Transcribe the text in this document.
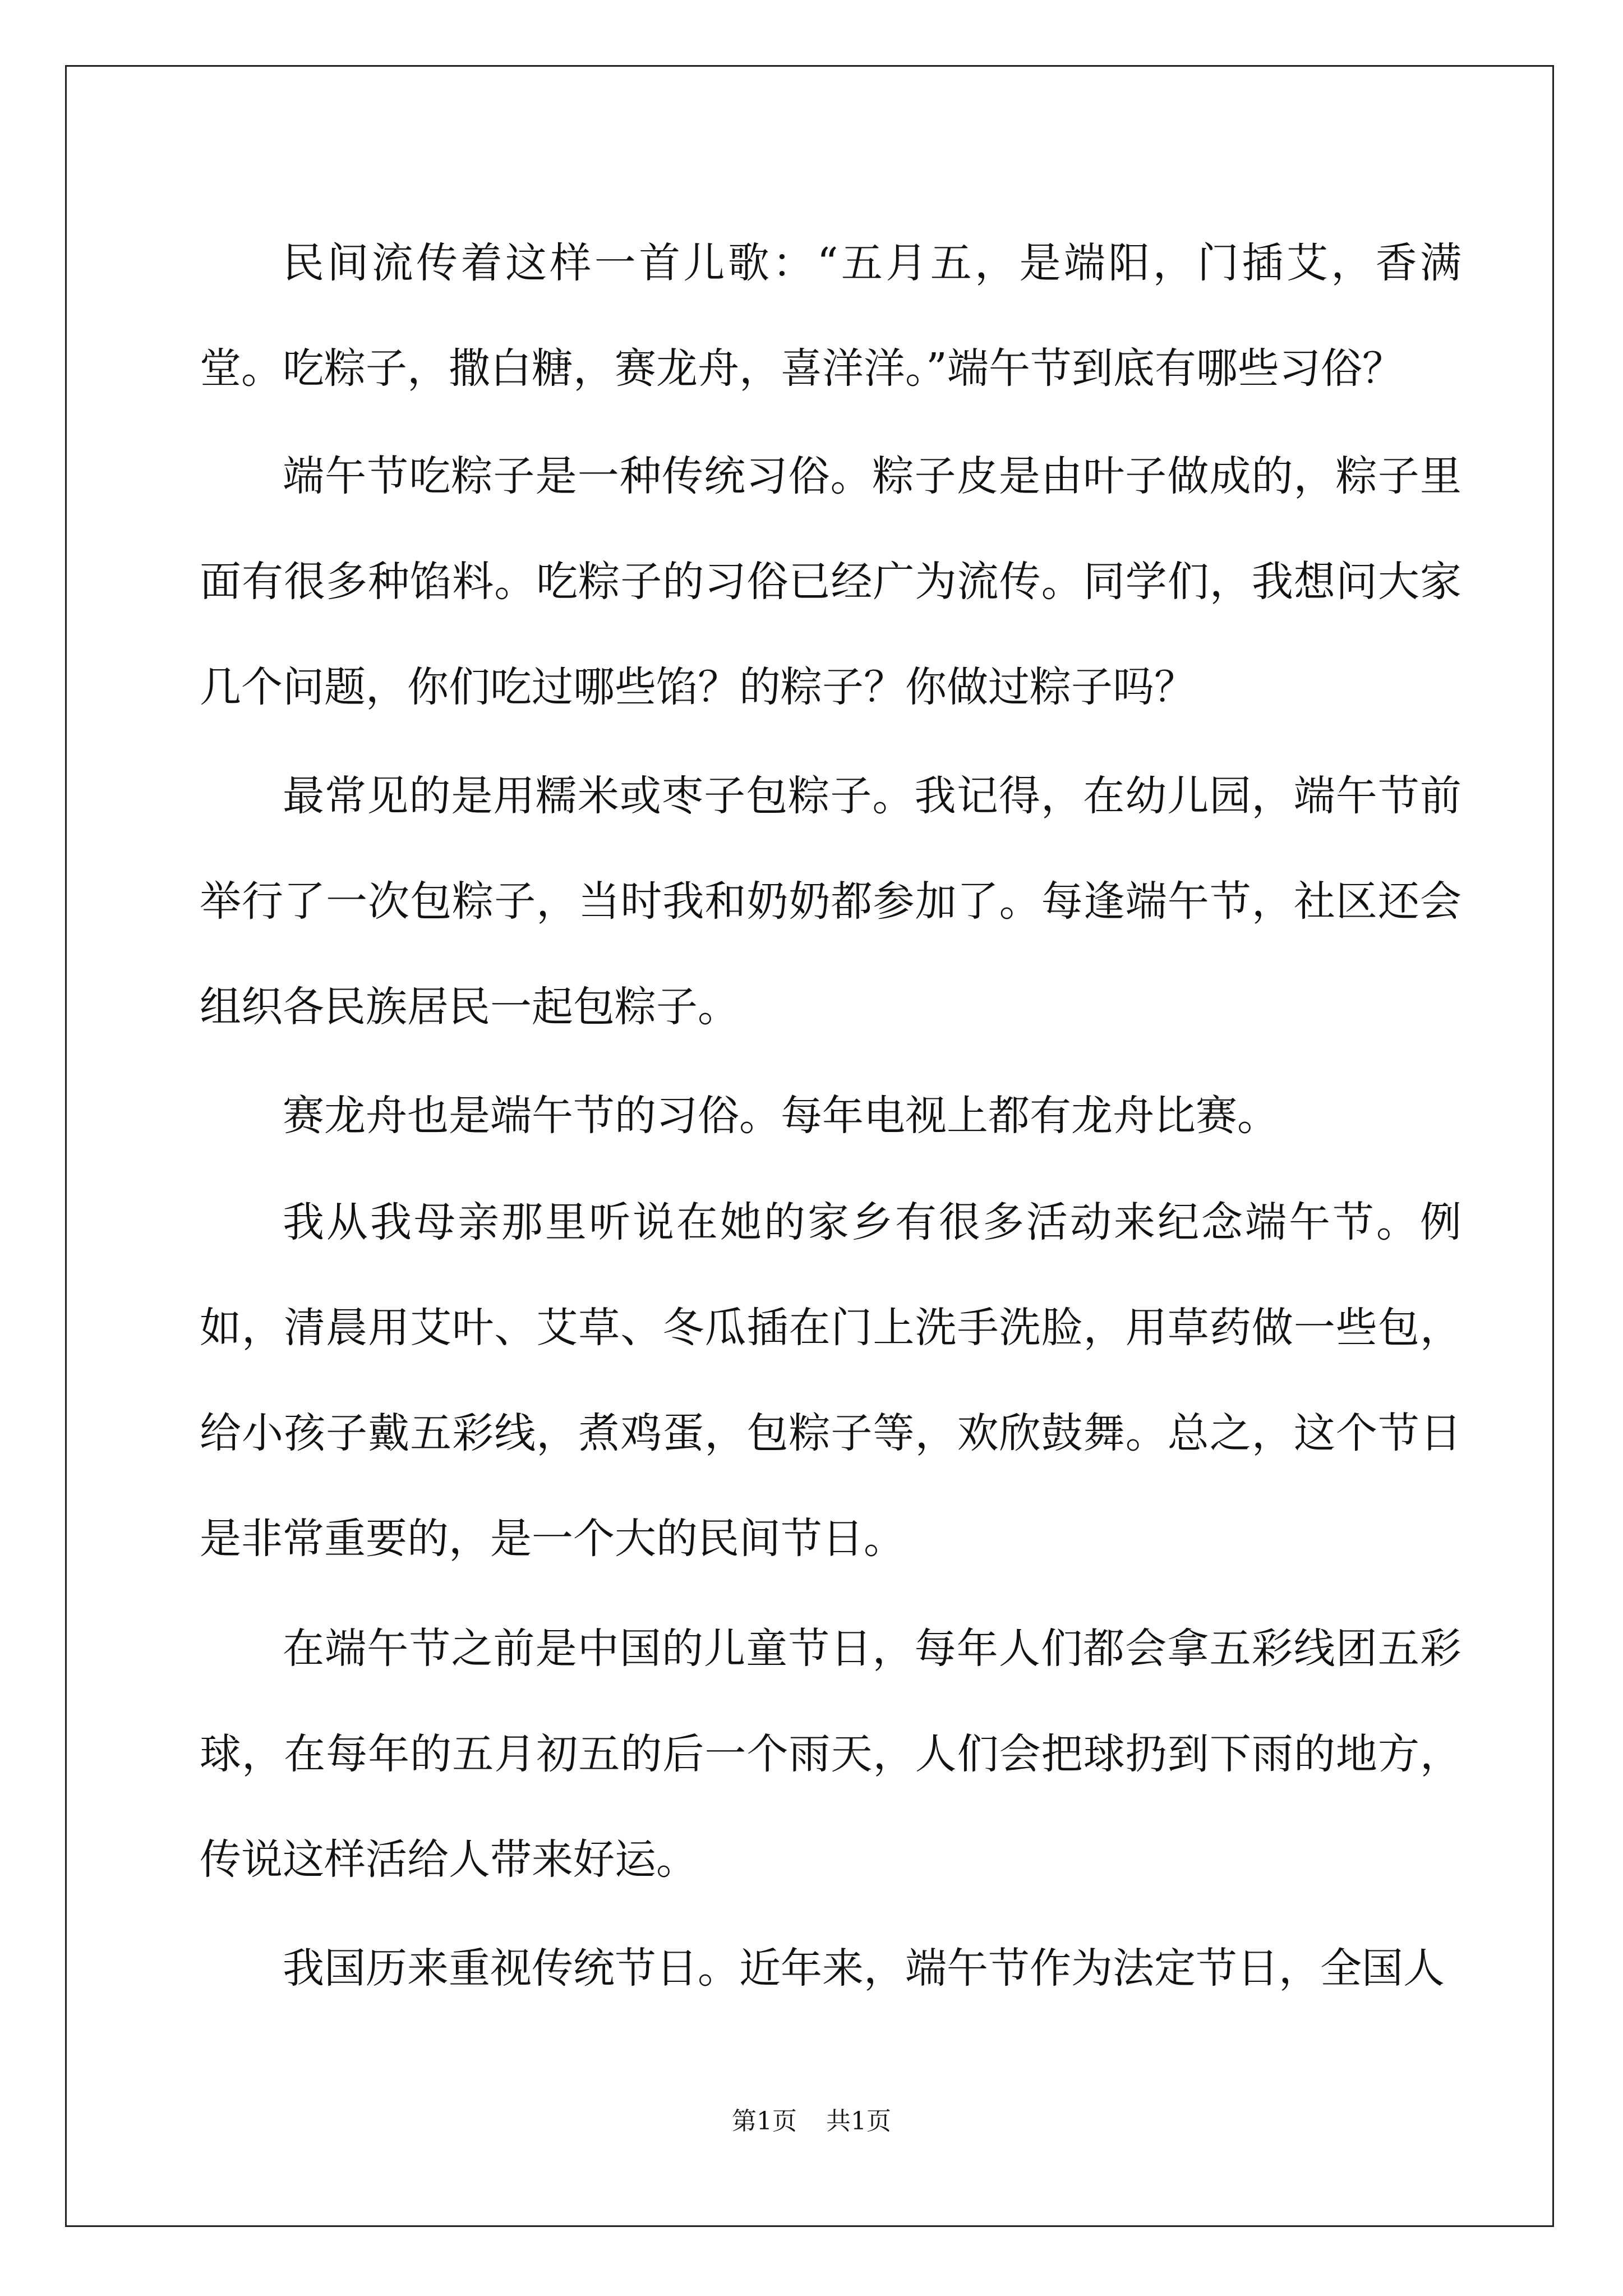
民间流传着这样一首儿歌：“五月五，是端阳，门插艾，香满堂。吃粽子，撒白糖，赛龙舟，喜洋洋。”端午节到底有哪些习俗？

端午节吃粽子是一种传统习俗。粽子皮是由叶子做成的，粽子里面有很多种馅料。吃粽子的习俗已经广为流传。同学们，我想问大家几个问题，你们吃过哪些馅？的粽子？你做过粽子吗？

最常见的是用糯米或枣子包粽子。我记得，在幼儿园，端午节前举行了一次包粽子，当时我和奶奶都参加了。每逢端午节，社区还会组织各民族居民一起包粽子。

赛龙舟也是端午节的习俗。每年电视上都有龙舟比赛。

我从我母亲那里听说在她的家乡有很多活动来纪念端午节。例如，清晨用艾叶、艾草、冬瓜插在门上洗手洗脸，用草药做一些包，给小孩子戴五彩线，煮鸡蛋，包粽子等，欢欣鼓舞。总之，这个节日是非常重要的，是一个大的民间节日。

在端午节之前是中国的儿童节日，每年人们都会拿五彩线团五彩球，在每年的五月初五的后一个雨天，人们会把球扔到下雨的地方，传说这样活给人带来好运。

我国历来重视传统节日。近年来，端午节作为法定节日，全国人

第1页 共1页
